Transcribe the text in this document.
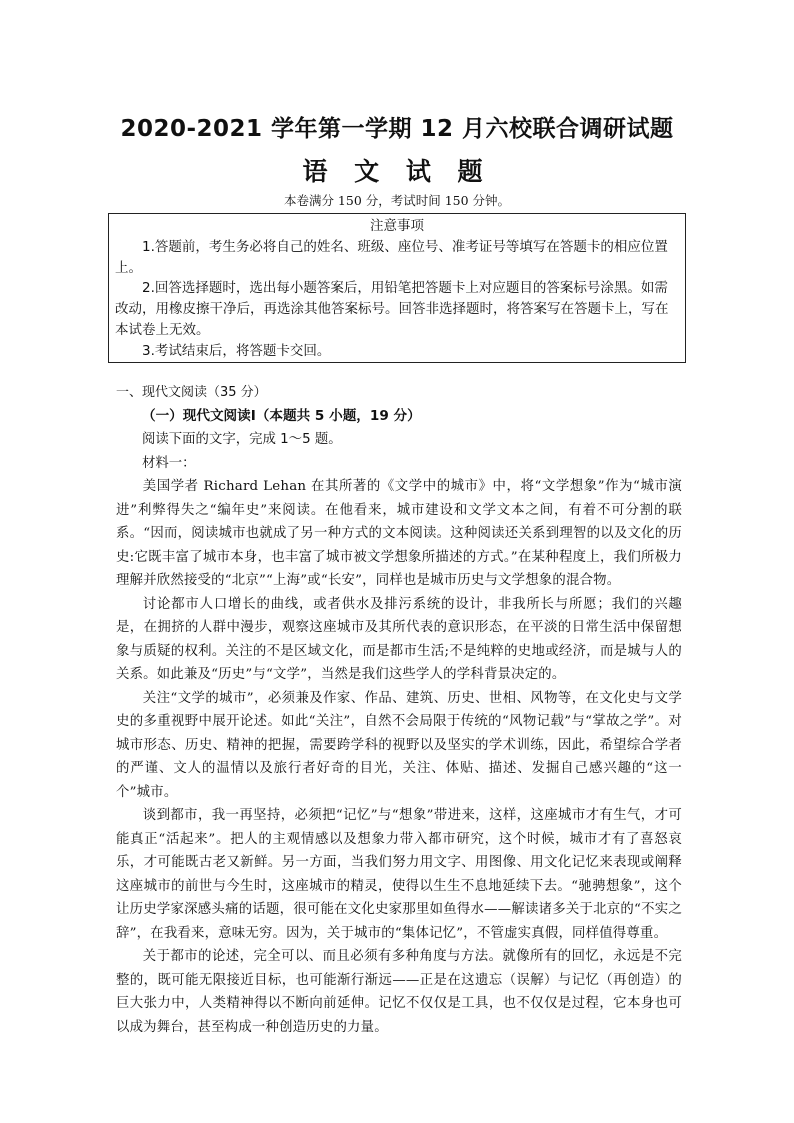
2020-2021 学年第一学期 12 月六校联合调研试题
语 文 试 题
本卷满分 150 分，考试时间 150 分钟。
注意事项

1.答题前，考生务必将自己的姓名、班级、座位号、准考证号等填写在答题卡的相应位置上。

2.回答选择题时，选出每小题答案后，用铅笔把答题卡上对应题目的答案标号涂黑。如需改动，用橡皮擦干净后，再选涂其他答案标号。回答非选择题时，将答案写在答题卡上，写在本试卷上无效。

3.考试结束后，将答题卡交回。

一、现代文阅读（35 分）

（一）现代文阅读Ⅰ（本题共 5 小题，19 分）

阅读下面的文字，完成 1～5 题。

材料一：

美国学者 Richard Lehan 在其所著的《文学中的城市》中，将“文学想象”作为“城市演进”利弊得失之“编年史”来阅读。在他看来，城市建设和文学文本之间，有着不可分割的联系。“因而，阅读城市也就成了另一种方式的文本阅读。这种阅读还关系到理智的以及文化的历史:它既丰富了城市本身，也丰富了城市被文学想象所描述的方式。”在某种程度上，我们所极力理解并欣然接受的“北京”“上海”或“长安”，同样也是城市历史与文学想象的混合物。

讨论都市人口增长的曲线，或者供水及排污系统的设计，非我所长与所愿；我们的兴趣是，在拥挤的人群中漫步，观察这座城市及其所代表的意识形态，在平淡的日常生活中保留想象与质疑的权利。关注的不是区域文化，而是都市生活;不是纯粹的史地或经济，而是城与人的关系。如此兼及“历史”与“文学”，当然是我们这些学人的学科背景决定的。

关注“文学的城市”，必须兼及作家、作品、建筑、历史、世相、风物等，在文化史与文学史的多重视野中展开论述。如此“关注”，自然不会局限于传统的“风物记载”与“掌故之学”。对城市形态、历史、精神的把握，需要跨学科的视野以及坚实的学术训练，因此，希望综合学者的严谨、文人的温情以及旅行者好奇的目光，关注、体贴、描述、发掘自己感兴趣的“这一个”城市。

谈到都市，我一再坚持，必须把“记忆”与“想象”带进来，这样，这座城市才有生气，才可能真正“活起来”。把人的主观情感以及想象力带入都市研究，这个时候，城市才有了喜怒哀乐，才可能既古老又新鲜。另一方面，当我们努力用文字、用图像、用文化记忆来表现或阐释这座城市的前世与今生时，这座城市的精灵，使得以生生不息地延续下去。“驰骋想象”，这个让历史学家深感头痛的话题，很可能在文化史家那里如鱼得水——解读诸多关于北京的“不实之辞”，在我看来，意味无穷。因为，关于城市的“集体记忆”，不管虚实真假，同样值得尊重。

关于都市的论述，完全可以、而且必须有多种角度与方法。就像所有的回忆，永远是不完整的，既可能无限接近目标，也可能渐行渐远——正是在这遗忘（误解）与记忆（再创造）的巨大张力中，人类精神得以不断向前延伸。记忆不仅仅是工具，也不仅仅是过程，它本身也可以成为舞台，甚至构成一种创造历史的力量。
